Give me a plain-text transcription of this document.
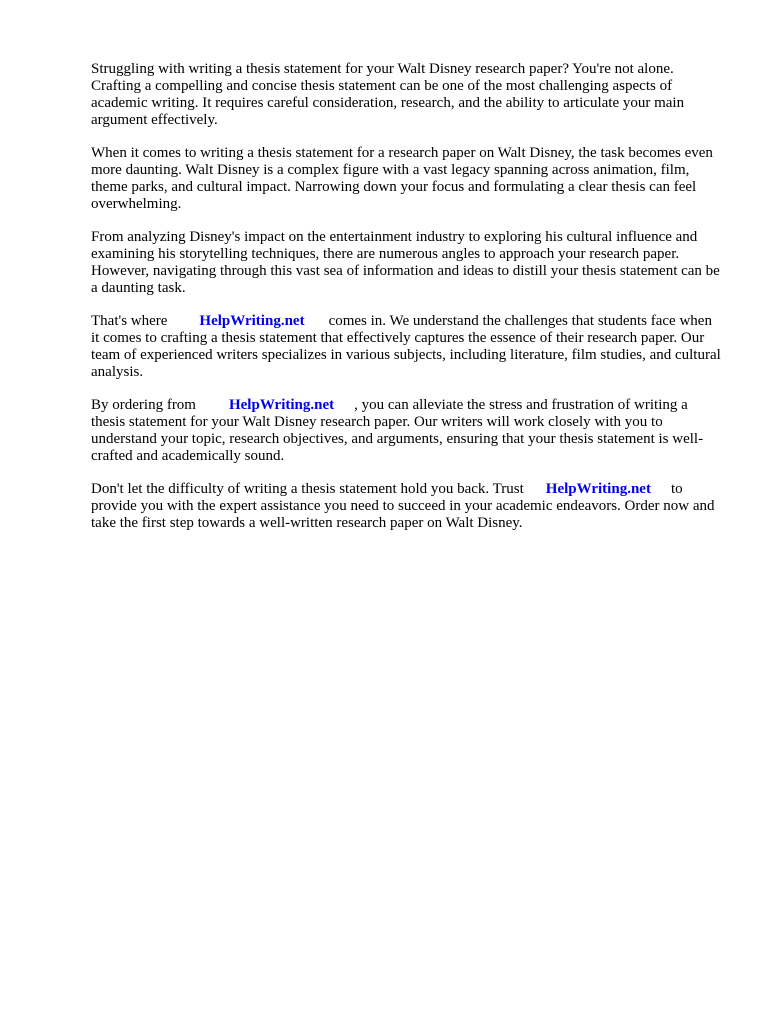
Struggling with writing a thesis statement for your Walt Disney research paper? You're not alone. Crafting a compelling and concise thesis statement can be one of the most challenging aspects of academic writing. It requires careful consideration, research, and the ability to articulate your main argument effectively.

When it comes to writing a thesis statement for a research paper on Walt Disney, the task becomes even more daunting. Walt Disney is a complex figure with a vast legacy spanning across animation, film, theme parks, and cultural impact. Narrowing down your focus and formulating a clear thesis can feel overwhelming.

From analyzing Disney's impact on the entertainment industry to exploring his cultural influence and examining his storytelling techniques, there are numerous angles to approach your research paper. However, navigating through this vast sea of information and ideas to distill your thesis statement can be a daunting task.

That's where HelpWriting.net comes in. We understand the challenges that students face when it comes to crafting a thesis statement that effectively captures the essence of their research paper. Our team of experienced writers specializes in various subjects, including literature, film studies, and cultural analysis.

By ordering from HelpWriting.net , you can alleviate the stress and frustration of writing a thesis statement for your Walt Disney research paper. Our writers will work closely with you to understand your topic, research objectives, and arguments, ensuring that your thesis statement is well-crafted and academically sound.

Don't let the difficulty of writing a thesis statement hold you back. Trust HelpWriting.net to provide you with the expert assistance you need to succeed in your academic endeavors. Order now and take the first step towards a well-written research paper on Walt Disney.
